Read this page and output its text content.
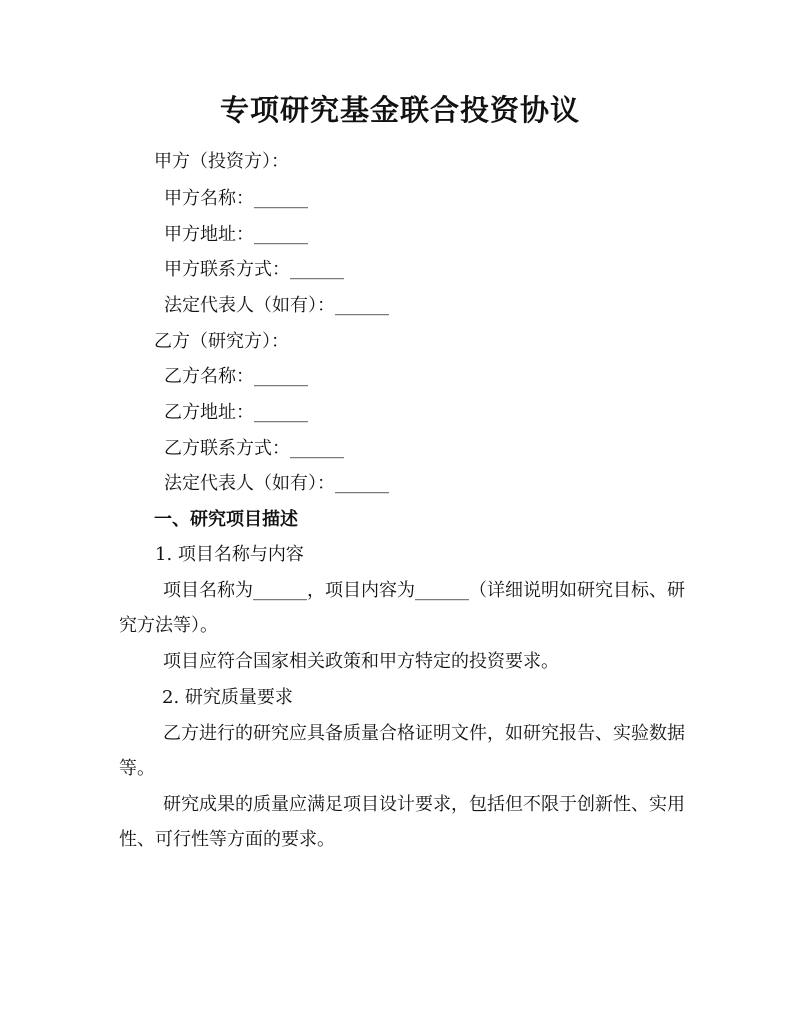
专项研究基金联合投资协议
甲方（投资方）：
甲方名称：______
甲方地址：______
甲方联系方式：______
法定代表人（如有）：______
乙方（研究方）：
乙方名称：______
乙方地址：______
乙方联系方式：______
法定代表人（如有）：______
一、研究项目描述
1. 项目名称与内容
项目名称为______，项目内容为______（详细说明如研究目标、研究方法等）。
项目应符合国家相关政策和甲方特定的投资要求。
2. 研究质量要求
乙方进行的研究应具备质量合格证明文件，如研究报告、实验数据等。
研究成果的质量应满足项目设计要求，包括但不限于创新性、实用性、可行性等方面的要求。
